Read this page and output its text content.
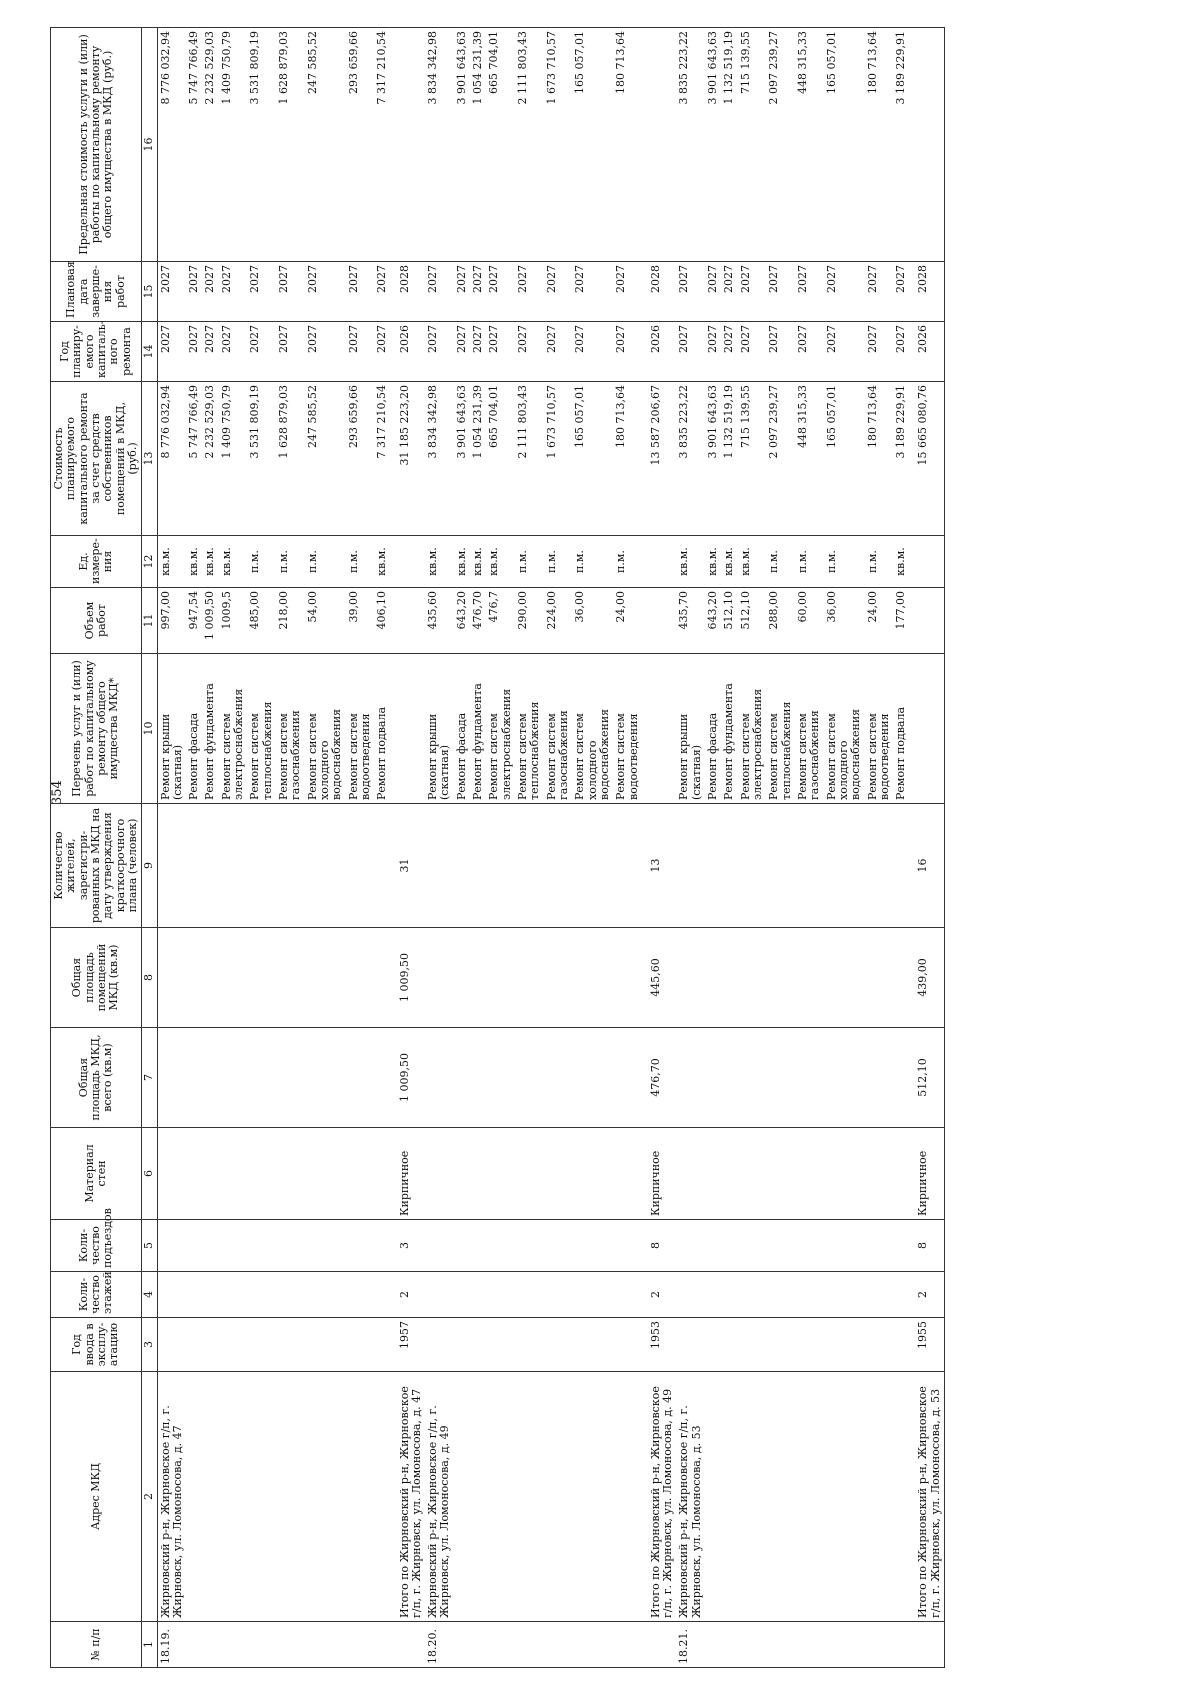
354
№ п/п	Адрес МКД	Год ввода в эксплу-атацию	Коли-чество этажей	Коли-чество подъездов	Материал стен	Общая площадь МКД, всего (кв.м)	Общая площадь помещений МКД (кв.м)	Количество жителей, зарегистри-рованных в МКД на дату утверждения краткосрочного плана (человек)	Перечень услуг и (или) работ по капитальному ремонту общего имущества МКД*	Объем работ	Ед. измере-ния	Стоимость планируемого капитального ремонта за счет средств собственников помещений в МКД, (руб.)	Год планиру-емого капиталь-ного ремонта	Плановая дата заверше-ния работ	Предельная стоимость услуги и (или) работы по капитальному ремонту общего имущества в МКД (руб.)
1	2	3	4	5	6	7	8	9	10	11	12	13	14	15	16
18.19.	Жирновский р-н, Жирновское г/п, г. Жирновск, ул. Ломоносова, д. 47								Ремонт крыши (скатная)	997,00	кв.м.	8 776 032,94	2027	2027	8 776 032,94
									Ремонт фасада	947,54	кв.м.	5 747 766,49	2027	2027	5 747 766,49
									Ремонт фундамента	1 009,50	кв.м.	2 232 529,03	2027	2027	2 232 529,03
									Ремонт систем электроснабжения	1009,5	кв.м.	1 409 750,79	2027	2027	1 409 750,79
									Ремонт систем теплоснабжения	485,00	п.м.	3 531 809,19	2027	2027	3 531 809,19
									Ремонт систем газоснабжения	218,00	п.м.	1 628 879,03	2027	2027	1 628 879,03
									Ремонт систем холодного водоснабжения	54,00	п.м.	247 585,52	2027	2027	247 585,52
									Ремонт систем водоотведения	39,00	п.м.	293 659,66	2027	2027	293 659,66
									Ремонт подвала	406,10	кв.м.	7 317 210,54	2027	2027	7 317 210,54
	Итого по Жирновский р-н, Жирновское г/п, г. Жирновск, ул. Ломоносова, д. 47	1957	2	3	Кирпичное	1 009,50	1 009,50	31				31 185 223,20	2026	2028	
18.20.	Жирновский р-н, Жирновское г/п, г. Жирновск, ул. Ломоносова, д. 49								Ремонт крыши (скатная)	435,60	кв.м.	3 834 342,98	2027	2027	3 834 342,98
									Ремонт фасада	643,20	кв.м.	3 901 643,63	2027	2027	3 901 643,63
									Ремонт фундамента	476,70	кв.м.	1 054 231,39	2027	2027	1 054 231,39
									Ремонт систем электроснабжения	476,7	кв.м.	665 704,01	2027	2027	665 704,01
									Ремонт систем теплоснабжения	290,00	п.м.	2 111 803,43	2027	2027	2 111 803,43
									Ремонт систем газоснабжения	224,00	п.м.	1 673 710,57	2027	2027	1 673 710,57
									Ремонт систем холодного водоснабжения	36,00	п.м.	165 057,01	2027	2027	165 057,01
									Ремонт систем водоотведения	24,00	п.м.	180 713,64	2027	2027	180 713,64
	Итого по Жирновский р-н, Жирновское г/п, г. Жирновск, ул. Ломоносова, д. 49	1953	2	8	Кирпичное	476,70	445,60	13				13 587 206,67	2026	2028	
18.21.	Жирновский р-н, Жирновское г/п, г. Жирновск, ул. Ломоносова, д. 53								Ремонт крыши (скатная)	435,70	кв.м.	3 835 223,22	2027	2027	3 835 223,22
									Ремонт фасада	643,20	кв.м.	3 901 643,63	2027	2027	3 901 643,63
									Ремонт фундамента	512,10	кв.м.	1 132 519,19	2027	2027	1 132 519,19
									Ремонт систем электроснабжения	512,10	кв.м.	715 139,55	2027	2027	715 139,55
									Ремонт систем теплоснабжения	288,00	п.м.	2 097 239,27	2027	2027	2 097 239,27
									Ремонт систем газоснабжения	60,00	п.м.	448 315,33	2027	2027	448 315,33
									Ремонт систем холодного водоснабжения	36,00	п.м.	165 057,01	2027	2027	165 057,01
									Ремонт систем водоотведения	24,00	п.м.	180 713,64	2027	2027	180 713,64
									Ремонт подвала	177,00	кв.м.	3 189 229,91	2027	2027	3 189 229,91
	Итого по Жирновский р-н, Жирновское г/п, г. Жирновск, ул. Ломоносова, д. 53	1955	2	8	Кирпичное	512,10	439,00	16				15 665 080,76	2026	2028	
